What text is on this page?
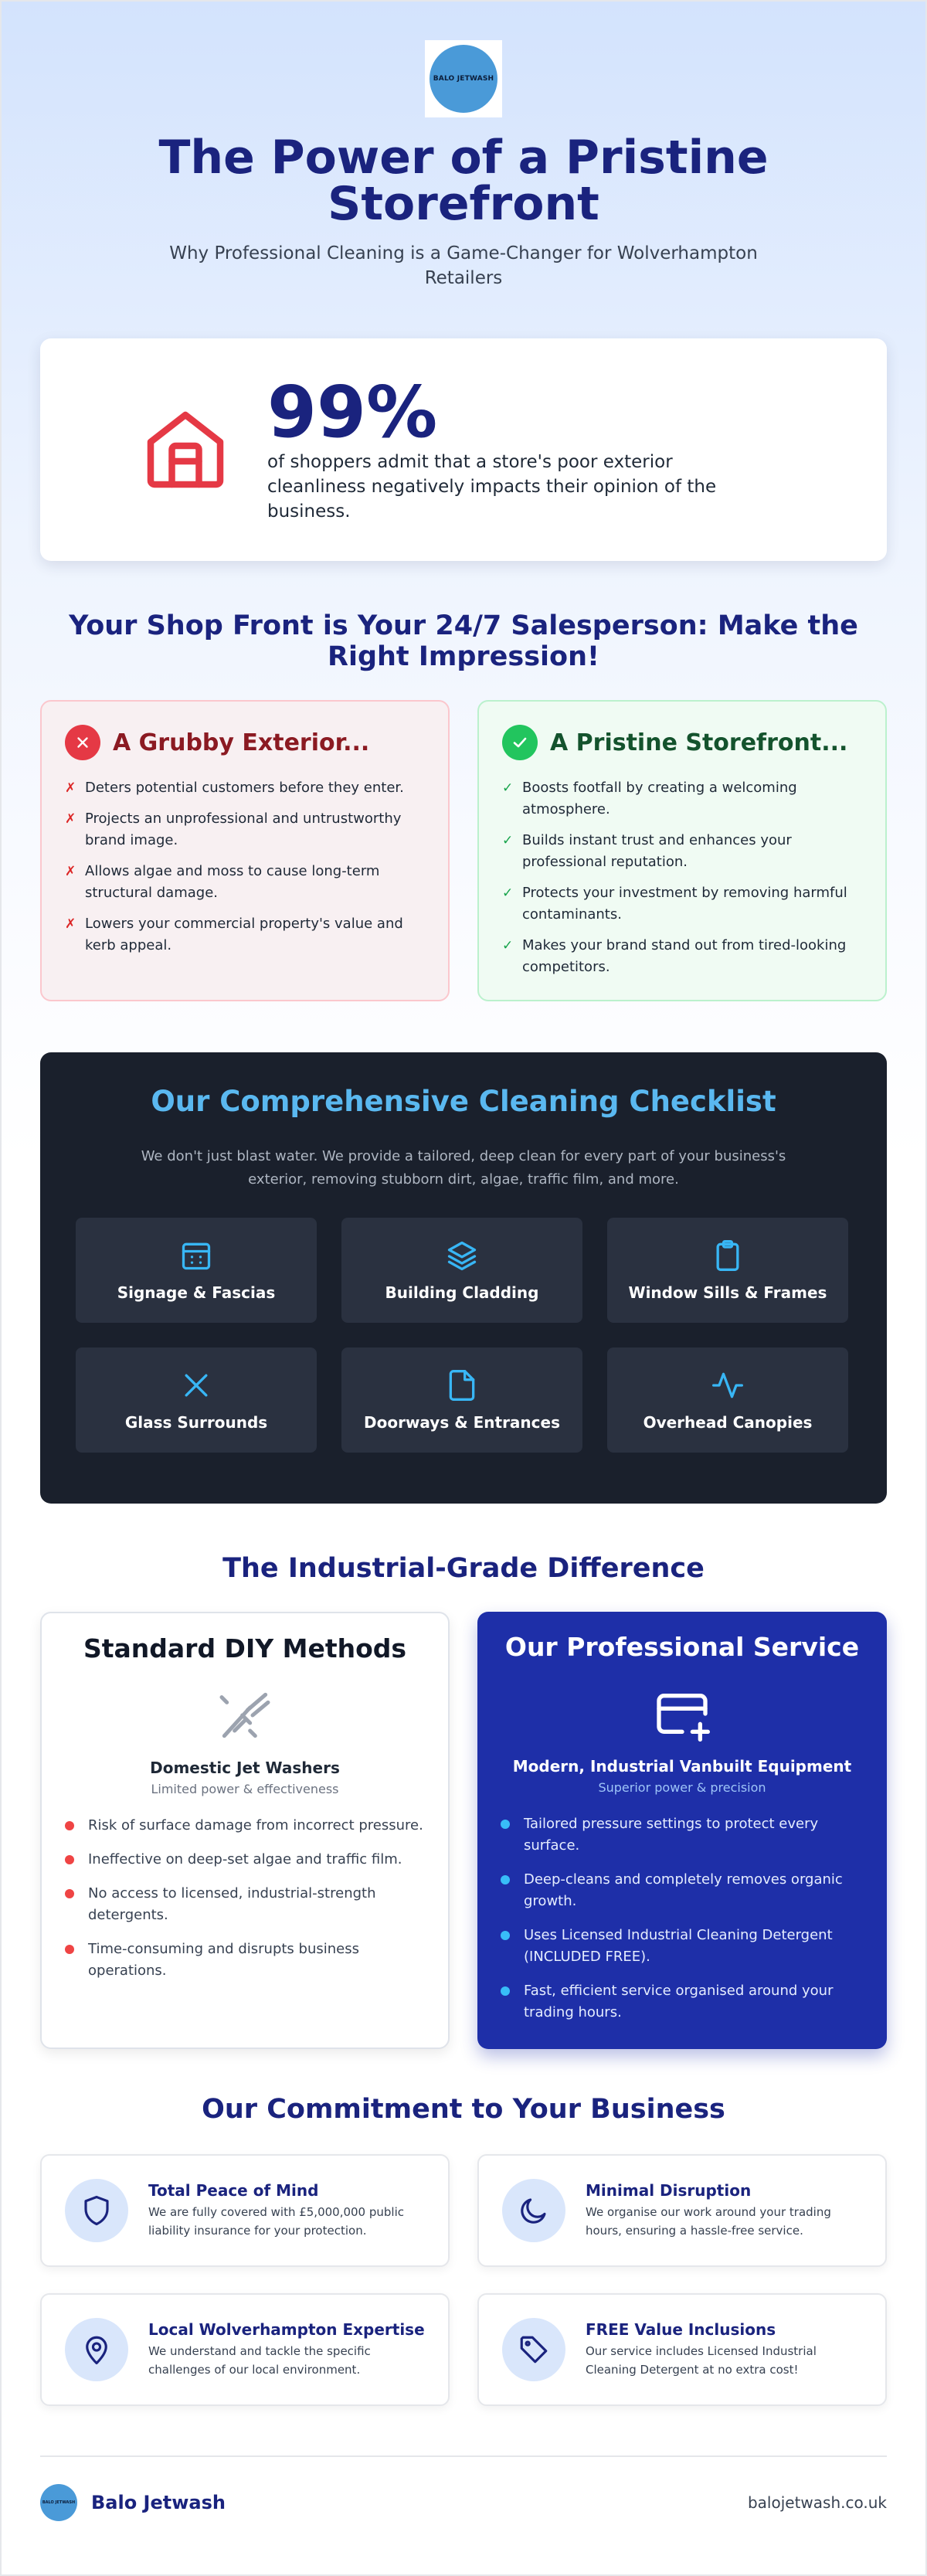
BALO JETWASH
The Power of a Pristine Storefront

Why Professional Cleaning is a Game-Changer for Wolverhampton Retailers

99%
of shoppers admit that a store's poor exterior cleanliness negatively impacts their opinion of the business.
Your Shop Front is Your 24/7 Salesperson: Make the Right Impression!
A Grubby Exterior...
✗ Deters potential customers before they enter.
✗ Projects an unprofessional and untrustworthy brand image.
✗ Allows algae and moss to cause long-term structural damage.
✗ Lowers your commercial property's value and kerb appeal.
A Pristine Storefront...
✓ Boosts footfall by creating a welcoming atmosphere.
✓ Builds instant trust and enhances your professional reputation.
✓ Protects your investment by removing harmful contaminants.
✓ Makes your brand stand out from tired-looking competitors.
Our Comprehensive Cleaning Checklist

We don't just blast water. We provide a tailored, deep clean for every part of your business's exterior, removing stubborn dirt, algae, traffic film, and more.

Signage & Fascias	Building Cladding	Window Sills & Frames
Glass Surrounds	Doorways & Entrances	Overhead Canopies
The Industrial-Grade Difference
Standard DIY Methods
Domestic Jet Washers
Limited power & effectiveness
Risk of surface damage from incorrect pressure.
Ineffective on deep-set algae and traffic film.
No access to licensed, industrial-strength detergents.
Time-consuming and disrupts business operations.
Our Professional Service
Modern, Industrial Vanbuilt Equipment
Superior power & precision
Tailored pressure settings to protect every surface.
Deep-cleans and completely removes organic growth.
Uses Licensed Industrial Cleaning Detergent (INCLUDED FREE).
Fast, efficient service organised around your trading hours.
Our Commitment to Your Business
Total Peace of Mind
We are fully covered with £5,000,000 public liability insurance for your protection.
Minimal Disruption
We organise our work around your trading hours, ensuring a hassle-free service.
Local Wolverhampton Expertise
We understand and tackle the specific challenges of our local environment.
FREE Value Inclusions
Our service includes Licensed Industrial Cleaning Detergent at no extra cost!
BALO JETWASH Balo Jetwash	balojetwash.co.uk
